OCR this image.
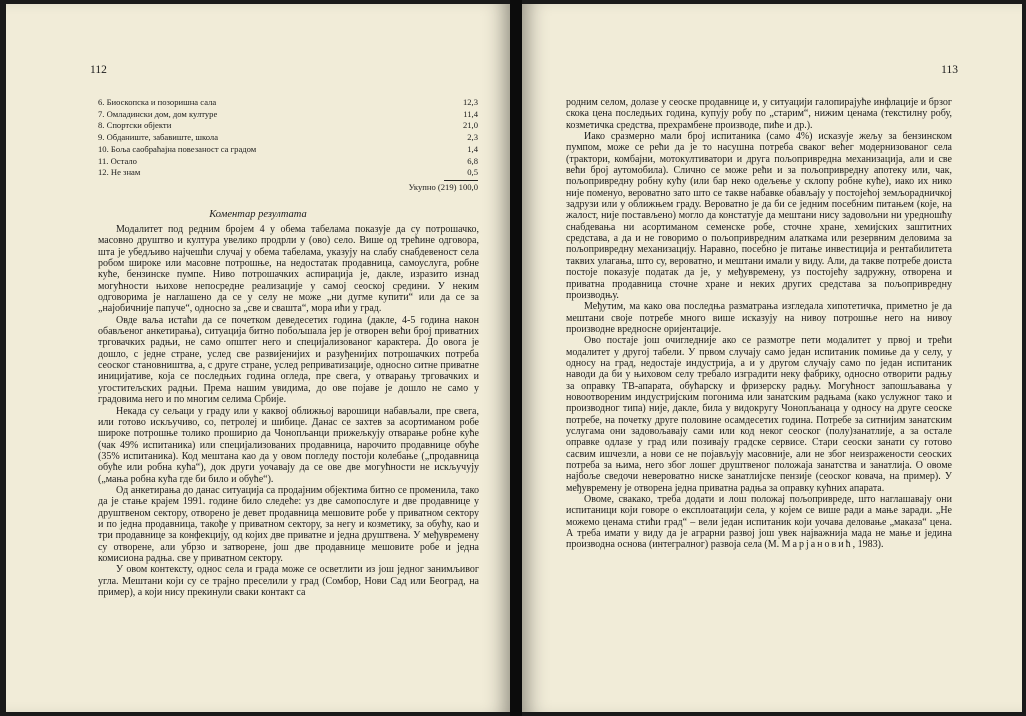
112
6. Биоскопска и позоришна сала	12,3
7. Омладински дом, дом културе	11,4
8. Спортски објекти	21,0
9. Обданиште, забавиште, школа	2,3
10. Боља саобраћајна повезаност са градом	1,4
11. Остало	6,8
12. Не знам	0,5
Укупно (219) 100,0
Коментар резултата

Модалитет под редним бројем 4 у обема табелама показује да су потрошачко, масовно друштво и култура увелико продрли у (ово) село. Више од трећине одговора, шта је убедљиво најчешћи случај у обема табелама, указују на слабу снабдевеност села робом широке или масовне потрошње, на недостатак продавница, самоуслуга, робне куће, бензинске пумпе. Ниво потрошачких аспирација је, дакле, изразито изнад могућности њихове непосредне реализације у самој сеоској средини. У неким одговорима је наглашено да се у селу не може „ни дугме купити“ или да се за „најобичније папуче“, односно за „све и свашта“, мора ићи у град.

Овде ваља истаћи да се почетком деведесетих година (дакле, 4-5 година након обављеног анкетирања), ситуација битно побољшала јер је отворен већи број приватних трговачких радњи, не само општег него и специјализованог карактера. До овога је дошло, с једне стране, услед све развијенијих и разуђенијих потрошачких потреба сеоског становништва, а, с друге стране, услед реприватизације, односно ситне приватне иницијативе, која се последњих година огледа, пре свега, у отварању трговачких и угоститељских радњи. Према нашим увидима, до ове појаве је дошло не само у градовима него и по многим селима Србије.

Некада су сељаци у граду или у каквој оближњој варошици набављали, пре свега, или готово искључиво, со, петролеј и шибице. Данас се захтев за асортиманом робе широке потрошње толико проширио да Чонопљанци прижељкују отварање робне куће (чак 49% испитаника) или специјализованих продавница, нарочито продавнице обуће (35% испитаника). Код мештана као да у овом погледу постоји колебање („продавница обуће или робна кућа“), док други уочавају да се ове две могућности не искључују („мања робна кућа где би било и обуће“).

Од анкетирања до данас ситуација са продајним објектима битно се променила, тако да је стање крајем 1991. године било следеће: уз две самопослуге и две продавнице у друштвеном сектору, отворено је девет продавница мешовите робе у приватном сектору и по једна продавница, такође у приватном сектору, за негу и козметику, за обућу, као и три продавнице за конфекцију, од којих две приватне и једна друштвена. У међувремену су отворене, али убрзо и затворене, још две продавнице мешовите робе и једна комисиона радња. све у приватном сектору.

У овом контексту, однос села и града може се осветлити из још једног занимљивог угла. Мештани који су се трајно преселили у град (Сомбор, Нови Сад или Београд, на пример), а који нису прекинули сваки контакт са

113

родним селом, долазе у сеоске продавнице и, у ситуацији галопирајуће инфлације и брзог скока цена последњих година, купују робу по „старим“, нижим ценама (текстилну робу, козметичка средства, прехрамбене производе, пиће и др.).

Иако сразмерно мали број испитаника (само 4%) исказује жељу за бензинском пумпом, може се рећи да је то насушна потреба сваког већег модернизованог села (трактори, комбајни, мотокултиватори и друга пољопривредна механизација, али и све већи број аутомобила). Слично се може рећи и за пољопривредну апотеку или, чак, пољопривредну робну кућу (или бар неко одељење у склопу робне куће), иако их нико није поменуо, вероватно зато што се такве набавке обављају у постојећој земљорадничкој задрузи или у оближњем граду. Вероватно је да би се једним посебним питањем (које, на жалост, није постављено) могло да констатује да мештани нису задовољни ни уредношћу снабдевања ни асортиманом семенске робе, сточне хране, хемијских заштитних средстава, а да и не говоримо о пољопривредним алаткама или резервним деловима за пољопривредну механизацију. Наравно, посебно је питање инвестиција и рентабилитета таквих улагања, што су, вероватно, и мештани имали у виду. Али, да такве потребе доиста постоје показује податак да је, у међувремену, уз постојећу задружну, отворена и приватна продавница сточне хране и неких других средстава за пољопривредну производњу.

Међутим, ма како ова последња разматрања изгледала хипотетичка, приметно је да мештани своје потребе много више исказују на нивоу потрошње него на нивоу производне вредносне оријентације.

Ово постаје још очигледније ако се размотре пети модалитет у првој и трећи модалитет у другој табели. У првом случају само један испитаник помиње да у селу, у односу на град, недостаје индустрија, а и у другом случају само по један испитаник наводи да би у њиховом селу требало изградити неку фабрику, односно отворити радњу за оправку ТВ-апарата, обућарску и фризерску радњу. Могућност запошљавања у новоотвореним индустријским погонима или занатским радњама (како услужног тако и производног типа) није, дакле, била у видокругу Чонопљанаца у односу на друге сеоске потребе, на почетку друге половине осамдесетих година. Потребе за ситнијим занатским услугама они задовољавају сами или код неког сеоског (полу)занатлије, а за остале оправке одлазе у град или позивају градске сервисе. Стари сеоски занати су готово сасвим ишчезли, а нови се не појављују масовније, али не због неизражености сеоских потреба за њима, него због лошег друштвеног положаја занатства и занатлија. О овоме најбоље сведочи невероватно ниске занатлијске пензије (сеоског ковача, на пример). У међувремену је отворена једна приватна радња за оправку кућних апарата.

Овоме, свакако, треба додати и лош положај пољопривреде, што наглашавају они испитаници који говоре о експлоатацији села, у којем се више ради а мање заради. „Не можемо ценама стићи град“ – вели један испитаник који уочава деловање „маказа“ цена. А треба имати у виду да је аграрни развој још увек најважнија мада не мање и једина производна основа (интегралног) развоја села (М. Марјановић, 1983).
